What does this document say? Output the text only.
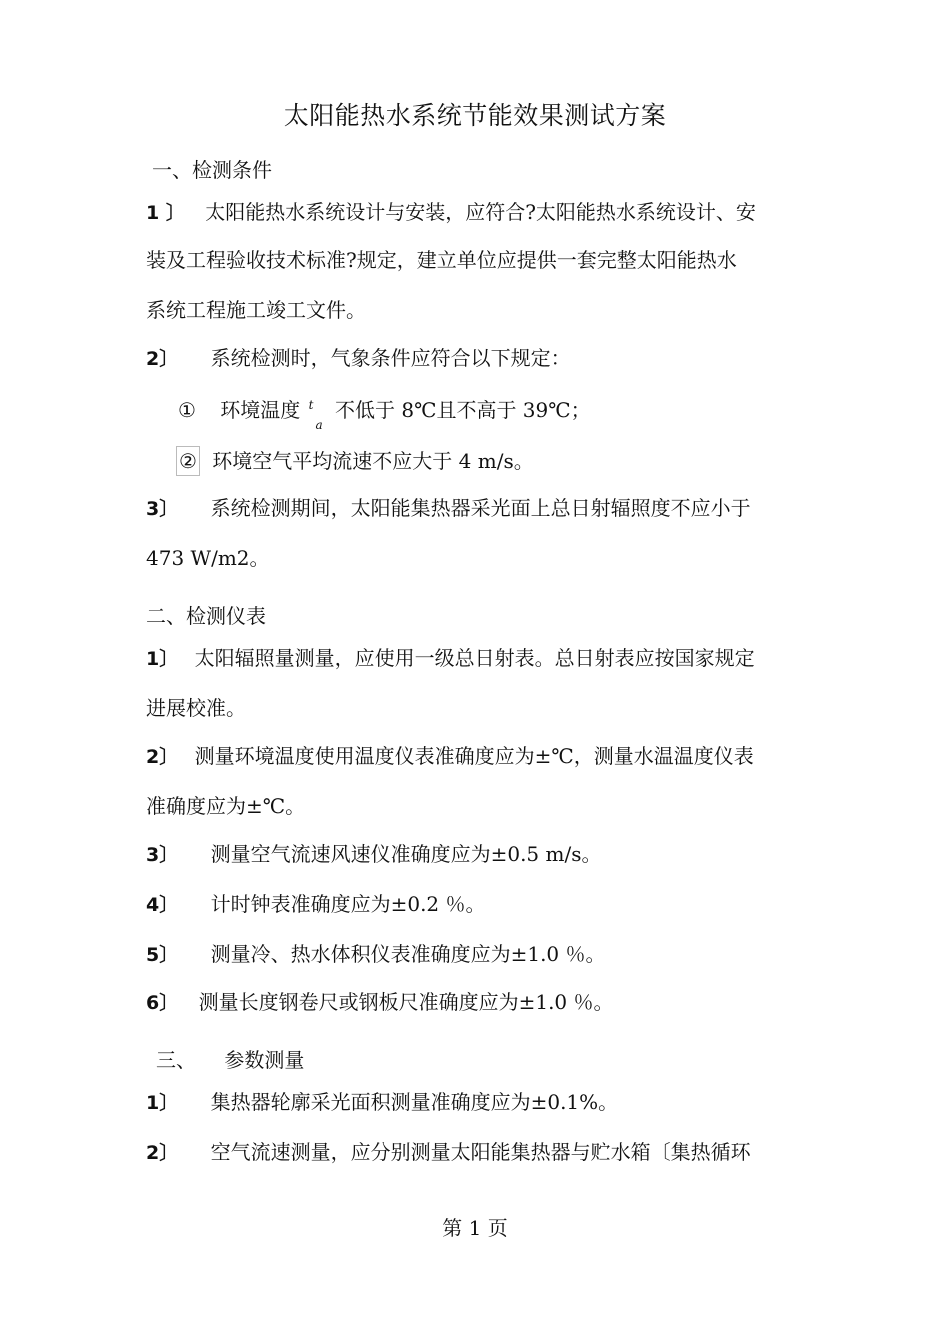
太阳能热水系统节能效果测试方案
一、检测条件
1 〕 太阳能热水系统设计与安装，应符合?太阳能热水系统设计、安
装及工程验收技术标准?规定，建立单位应提供一套完整太阳能热水
系统工程施工竣工文件。
2〕 系统检测时，气象条件应符合以下规定：
① 环境温度 $t_a$ 不低于 8℃且不高于 39℃；
② 环境空气平均流速不应大于 4 m/s。
3〕 系统检测期间，太阳能集热器采光面上总日射辐照度不应小于
473 W/m2。
二、检测仪表
1〕 太阳辐照量测量，应使用一级总日射表。总日射表应按国家规定
进展校准。
2〕 测量环境温度使用温度仪表准确度应为±℃，测量水温温度仪表
准确度应为±℃。
3〕 测量空气流速风速仪准确度应为±0.5 m/s。
4〕 计时钟表准确度应为±0.2 ％。
5〕 测量冷、热水体积仪表准确度应为±1.0 ％。
6〕 测量长度钢卷尺或钢板尺准确度应为±1.0 ％。
三、 参数测量
1〕 集热器轮廓采光面积测量准确度应为±0.1%。
2〕 空气流速测量，应分别测量太阳能集热器与贮水箱〔集热循环
第 1 页
